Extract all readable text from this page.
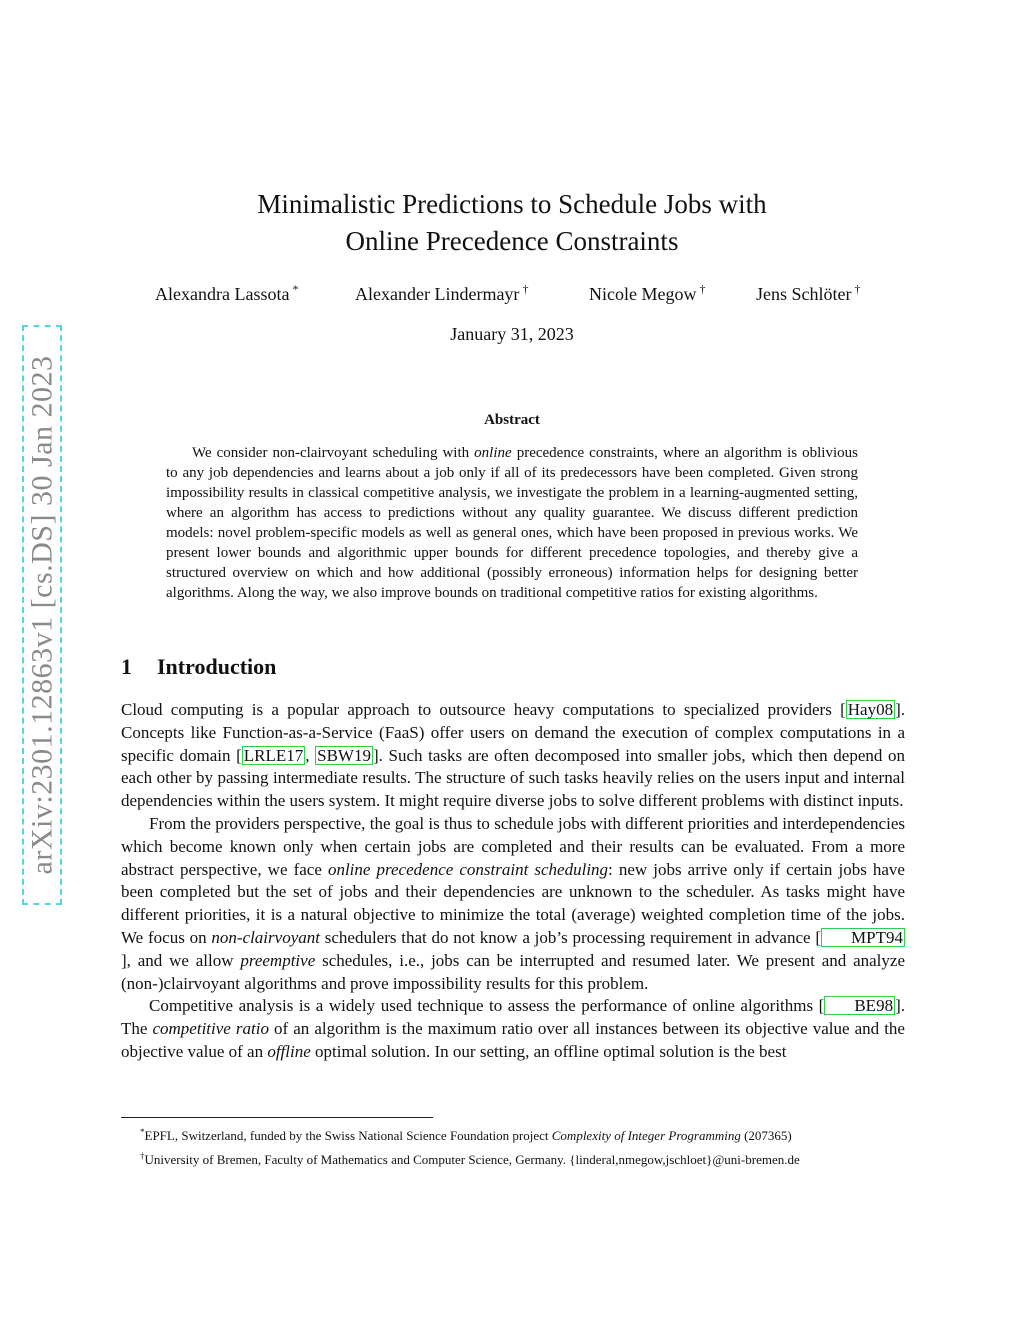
arXiv:2301.12863v1 [cs.DS] 30 Jan 2023
Minimalistic Predictions to Schedule Jobs with
Online Precedence Constraints
Alexandra Lassota *	Alexander Lindermayr †	Nicole Megow †	Jens Schlöter †
January 31, 2023
Abstract

We consider non-clairvoyant scheduling with online precedence constraints, where an algorithm is oblivious to any job dependencies and learns about a job only if all of its predecessors have been completed. Given strong impossibility results in classical competitive analysis, we investigate the problem in a learning-augmented setting, where an algorithm has access to predictions without any quality guarantee. We discuss different prediction models: novel problem-specific models as well as general ones, which have been proposed in previous works. We present lower bounds and algorithmic upper bounds for different precedence topologies, and thereby give a structured overview on which and how additional (possibly erroneous) information helps for designing better algorithms. Along the way, we also improve bounds on traditional competitive ratios for existing algorithms.

1 Introduction

Cloud computing is a popular approach to outsource heavy computations to specialized providers [ Hay08 ]. Concepts like Function-as-a-Service (FaaS) offer users on demand the execution of complex computations in a specific domain [ LRLE17 , SBW19 ]. Such tasks are often decomposed into smaller jobs, which then depend on each other by passing intermediate results. The structure of such tasks heavily relies on the users input and internal dependencies within the users system. It might require diverse jobs to solve different problems with distinct inputs.

From the providers perspective, the goal is thus to schedule jobs with different priorities and interdependencies which become known only when certain jobs are completed and their results can be evaluated. From a more abstract perspective, we face online precedence constraint scheduling: new jobs arrive only if certain jobs have been completed but the set of jobs and their dependencies are unknown to the scheduler. As tasks might have different priorities, it is a natural objective to minimize the total (average) weighted completion time of the jobs. We focus on non-clairvoyant schedulers that do not know a job’s processing requirement in advance [ MPT94], and we allow preemptive schedules, i.e., jobs can be interrupted and resumed later. We present and analyze (non-)clairvoyant algorithms and prove impossibility results for this problem.

Competitive analysis is a widely used technique to assess the performance of online algorithms [ BE98 ]. The competitive ratio of an algorithm is the maximum ratio over all instances between its objective value and the objective value of an offline optimal solution. In our setting, an offline optimal solution is the best

*EPFL, Switzerland, funded by the Swiss National Science Foundation project Complexity of Integer Programming (207365)
†University of Bremen, Faculty of Mathematics and Computer Science, Germany. {linderal,nmegow,jschloet}@uni-bremen.de
